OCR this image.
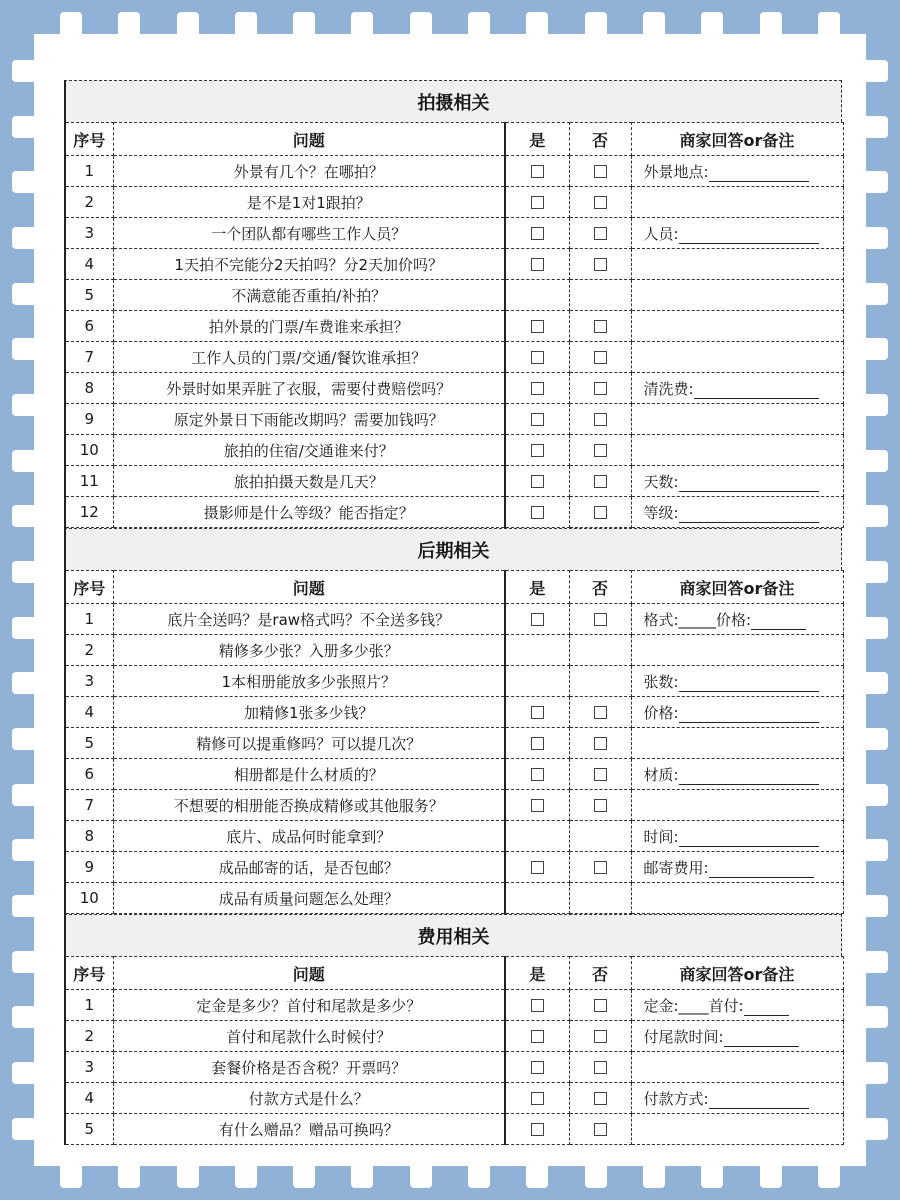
拍摄相关
序号	问题	是	否	商家回答or备注
1	外景有几个？在哪拍？			外景地点:
2	是不是1对1跟拍？			
3	一个团队都有哪些工作人员？			人员:
4	1天拍不完能分2天拍吗？分2天加价吗？			
5	不满意能否重拍/补拍？			
6	拍外景的门票/车费谁来承担？			
7	工作人员的门票/交通/餐饮谁承担？			
8	外景时如果弄脏了衣服，需要付费赔偿吗？			清洗费:
9	原定外景日下雨能改期吗？需要加钱吗？			
10	旅拍的住宿/交通谁来付？			
11	旅拍拍摄天数是几天？			天数:
12	摄影师是什么等级？能否指定？			等级:
后期相关
序号	问题	是	否	商家回答or备注
1	底片全送吗？是raw格式吗？不全送多钱？			格式:_____价格:
2	精修多少张？入册多少张？			
3	1本相册能放多少张照片？			张数:
4	加精修1张多少钱？			价格:
5	精修可以提重修吗？可以提几次？			
6	相册都是什么材质的？			材质:
7	不想要的相册能否换成精修或其他服务？			
8	底片、成品何时能拿到？			时间:
9	成品邮寄的话，是否包邮？			邮寄费用:
10	成品有质量问题怎么处理？			
费用相关
序号	问题	是	否	商家回答or备注
1	定金是多少？首付和尾款是多少？			定金:____首付:
2	首付和尾款什么时候付？			付尾款时间:
3	套餐价格是否含税？开票吗？			
4	付款方式是什么？			付款方式:
5	有什么赠品？赠品可换吗？			
